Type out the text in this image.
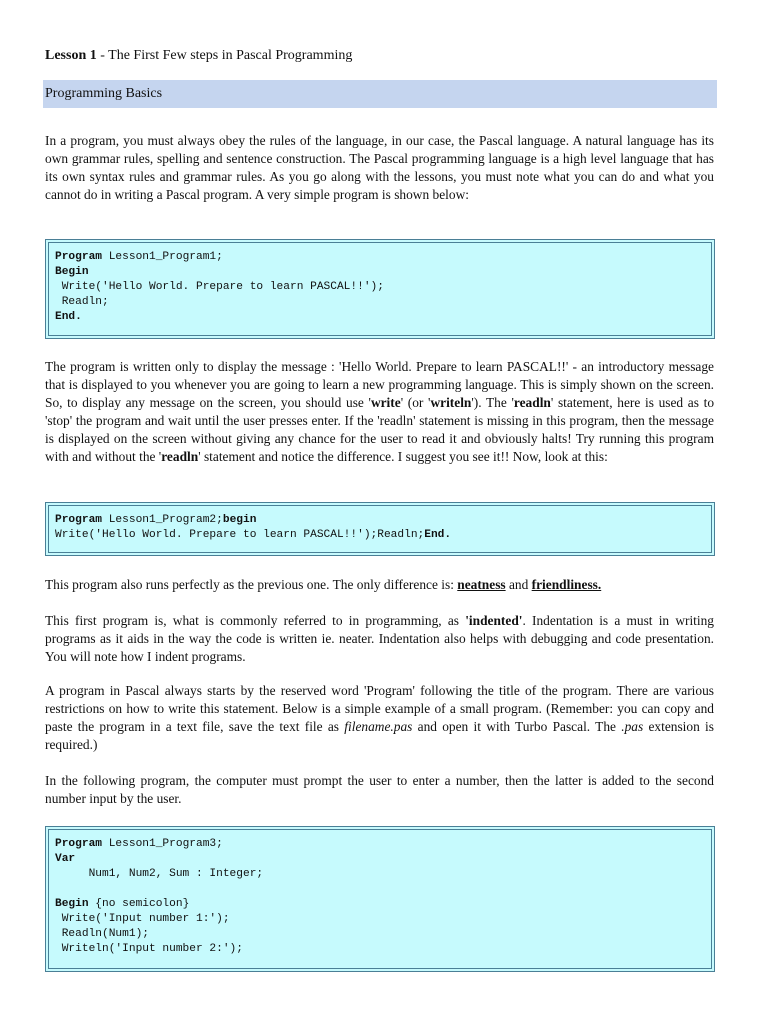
Lesson 1 - The First Few steps in Pascal Programming
Programming Basics

In a program, you must always obey the rules of the language, in our case, the Pascal language. A natural language has its own grammar rules, spelling and sentence construction. The Pascal programming language is a high level language that has its own syntax rules and grammar rules. As you go along with the lessons, you must note what you can do and what you cannot do in writing a Pascal program. A very simple program is shown below:

Program Lesson1_Program1;
Begin
Write('Hello World. Prepare to learn PASCAL!!');
Readln;
End.

The program is written only to display the message : 'Hello World. Prepare to learn PASCAL!!' - an introductory message that is displayed to you whenever you are going to learn a new programming language. This is simply shown on the screen. So, to display any message on the screen, you should use 'write' (or 'writeln'). The 'readln' statement, here is used as to 'stop' the program and wait until the user presses enter. If the 'readln' statement is missing in this program, then the message is displayed on the screen without giving any chance for the user to read it and obviously halts! Try running this program with and without the 'readln' statement and notice the difference. I suggest you see it!! Now, look at this:

Program Lesson1_Program2;begin
Write('Hello World. Prepare to learn PASCAL!!');Readln;End.

This program also runs perfectly as the previous one. The only difference is: neatness and friendliness.

This first program is, what is commonly referred to in programming, as 'indented'. Indentation is a must in writing programs as it aids in the way the code is written ie. neater. Indentation also helps with debugging and code presentation. You will note how I indent programs.

A program in Pascal always starts by the reserved word 'Program' following the title of the program. There are various restrictions on how to write this statement. Below is a simple example of a small program. (Remember: you can copy and paste the program in a text file, save the text file as filename.pas and open it with Turbo Pascal. The .pas extension is required.)

In the following program, the computer must prompt the user to enter a number, then the latter is added to the second number input by the user.

Program Lesson1_Program3;
Var
Num1, Num2, Sum : Integer;
Begin {no semicolon}
Write('Input number 1:');
Readln(Num1);
Writeln('Input number 2:');
